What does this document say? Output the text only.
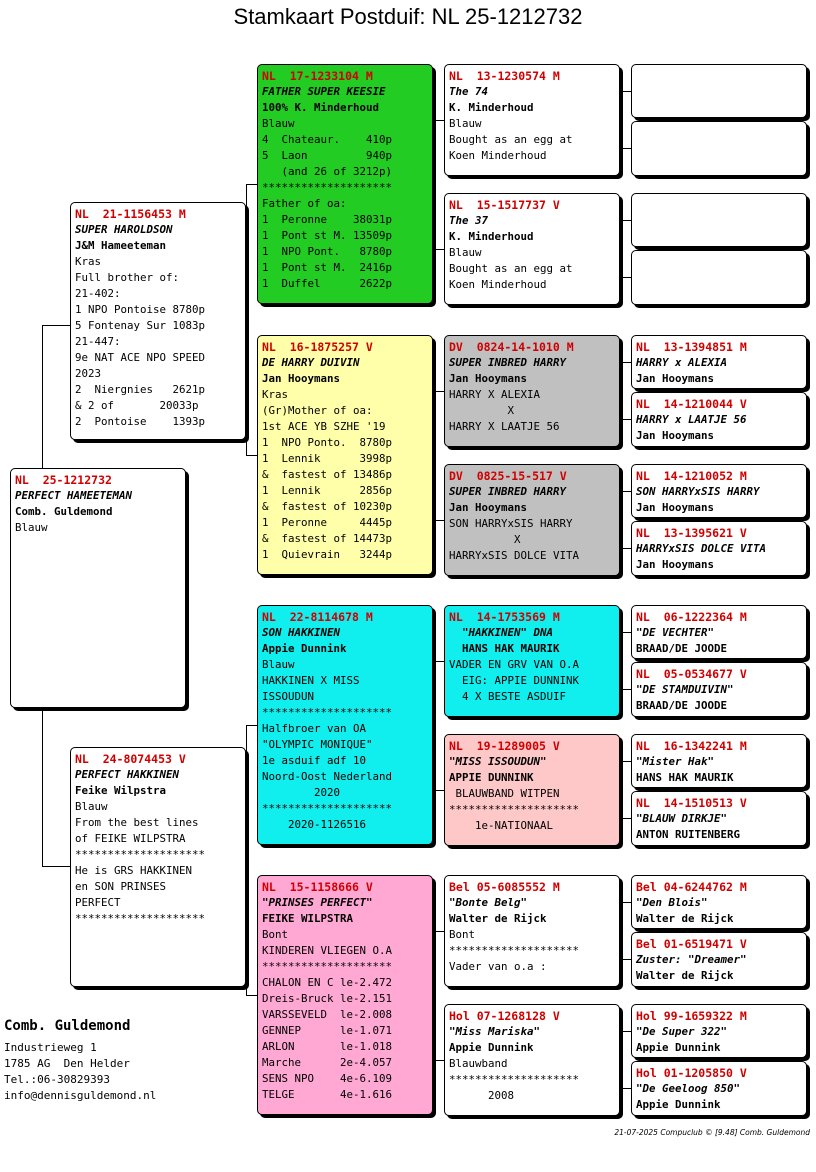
Stamkaart Postduif: NL 25-1212732
NL  25-1212732
PERFECT HAMEETEMAN
Comb. Guldemond
Blauw
NL  21-1156453 M
SUPER HAROLDSON
J&M Hameeteman
Kras
Full brother of:
21-402:
1 NPO Pontoise 8780p
5 Fontenay Sur 1083p
21-447:
9e NAT ACE NPO SPEED
2023
2  Niergnies   2621p
& 2 of       20033p
2  Pontoise    1393p
NL  24-8074453 V
PERFECT HAKKINEN
Feike Wilpstra
Blauw
From the best lines
of FEIKE WILPSTRA
********************
He is GRS HAKKINEN
en SON PRINSES
PERFECT
********************
NL  17-1233104 M
FATHER SUPER KEESIE
100% K. Minderhoud
Blauw
4  Chateaur.    410p
5  Laon         940p
(and 26 of 3212p)
********************
Father of oa:
1  Peronne    38031p
1  Pont st M. 13509p
1  NPO Pont.   8780p
1  Pont st M.  2416p
1  Duffel      2622p
NL  16-1875257 V
DE HARRY DUIVIN
Jan Hooymans
Kras
(Gr)Mother of oa:
1st ACE YB SZHE '19
1  NPO Ponto.  8780p
1  Lennik      3998p
&  fastest of 13486p
1  Lennik      2856p
&  fastest of 10230p
1  Peronne     4445p
&  fastest of 14473p
1  Quievrain   3244p
NL  22-8114678 M
SON HAKKINEN
Appie Dunnink
Blauw
HAKKINEN X MISS
ISSOUDUN
********************
Halfbroer van OA
"OLYMPIC MONIQUE"
1e asduif adf 10
Noord-Oost Nederland
2020
********************
2020-1126516
NL  15-1158666 V
"PRINSES PERFECT"
FEIKE WILPSTRA
Bont
KINDEREN VLIEGEN O.A
********************
CHALON EN C le-2.472
Dreis-Bruck le-2.151
VARSSEVELD  le-2.008
GENNEP      le-1.071
ARLON       le-1.018
Marche      2e-4.057
SENS NPO    4e-6.109
TELGE       4e-1.616
NL  13-1230574 M
The 74
K. Minderhoud
Blauw
Bought as an egg at
Koen Minderhoud
NL  15-1517737 V
The 37
K. Minderhoud
Blauw
Bought as an egg at
Koen Minderhoud
DV  0824-14-1010 M
SUPER INBRED HARRY
Jan Hooymans
HARRY X ALEXIA
X
HARRY X LAATJE 56
DV  0825-15-517 V
SUPER INBRED HARRY
Jan Hooymans
SON HARRYxSIS HARRY
X
HARRYxSIS DOLCE VITA
NL  14-1753569 M
"HAKKINEN" DNA
HANS HAK MAURIK
VADER EN GRV VAN O.A
EIG: APPIE DUNNINK
4 X BESTE ASDUIF
NL  19-1289005 V
"MISS ISSOUDUN"
APPIE DUNNINK
BLAUWBAND WITPEN
********************
1e-NATIONAAL
Bel 05-6085552 M
"Bonte Belg"
Walter de Rijck
Bont
********************
Vader van o.a :
Hol 07-1268128 V
"Miss Mariska"
Appie Dunnink
Blauwband
********************
2008
NL  13-1394851 M
HARRY x ALEXIA
Jan Hooymans
NL  14-1210044 V
HARRY x LAATJE 56
Jan Hooymans
NL  14-1210052 M
SON HARRYxSIS HARRY
Jan Hooymans
NL  13-1395621 V
HARRYxSIS DOLCE VITA
Jan Hooymans
NL  06-1222364 M
"DE VECHTER"
BRAAD/DE JOODE
NL  05-0534677 V
"DE STAMDUIVIN"
BRAAD/DE JOODE
NL  16-1342241 M
"Mister Hak"
HANS HAK MAURIK
NL  14-1510513 V
"BLAUW DIRKJE"
ANTON RUITENBERG
Bel 04-6244762 M
"Den Blois"
Walter de Rijck
Bel 01-6519471 V
Zuster: "Dreamer"
Walter de Rijck
Hol 99-1659322 M
"De Super 322"
Appie Dunnink
Hol 01-1205850 V
"De Geeloog 850"
Appie Dunnink
Comb. Guldemond
Industrieweg 1
1785 AG  Den Helder
Tel.:06-30829393
info@dennisguldemond.nl
21-07-2025 Compuclub © [9.48] Comb. Guldemond
